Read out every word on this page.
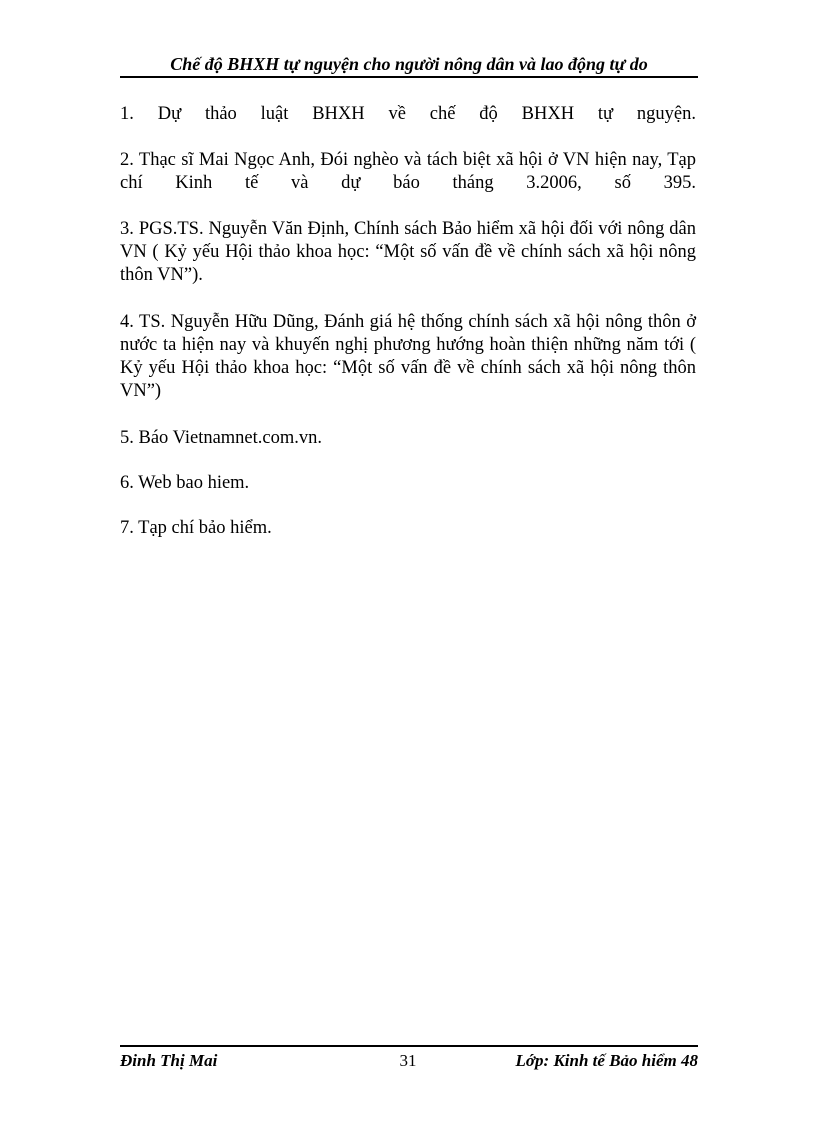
Chế độ BHXH tự nguyện cho người nông dân và lao động tự do
1. Dự thảo luật BHXH về chế độ BHXH tự nguyện.
2. Thạc sĩ Mai Ngọc Anh, Đói nghèo và tách biệt xã hội ở VN hiện nay, Tạp chí Kinh tế và dự báo tháng 3.2006, số 395.
3. PGS.TS. Nguyễn Văn Định, Chính sách Bảo hiểm xã hội đối với nông dân VN ( Kỷ yếu Hội thảo khoa học: “Một số vấn đề về chính sách xã hội nông thôn VN”).
4. TS. Nguyễn Hữu Dũng, Đánh giá hệ thống chính sách xã hội nông thôn ở nước ta hiện nay và khuyến nghị phương hướng hoàn thiện những năm tới ( Kỷ yếu Hội thảo khoa học: “Một số vấn đề về chính sách xã hội nông thôn VN”)
5. Báo Vietnamnet.com.vn.
6. Web bao hiem.
7. Tạp chí bảo hiểm.
Đinh Thị Mai	31	Lớp: Kinh tế Bảo hiểm 48
